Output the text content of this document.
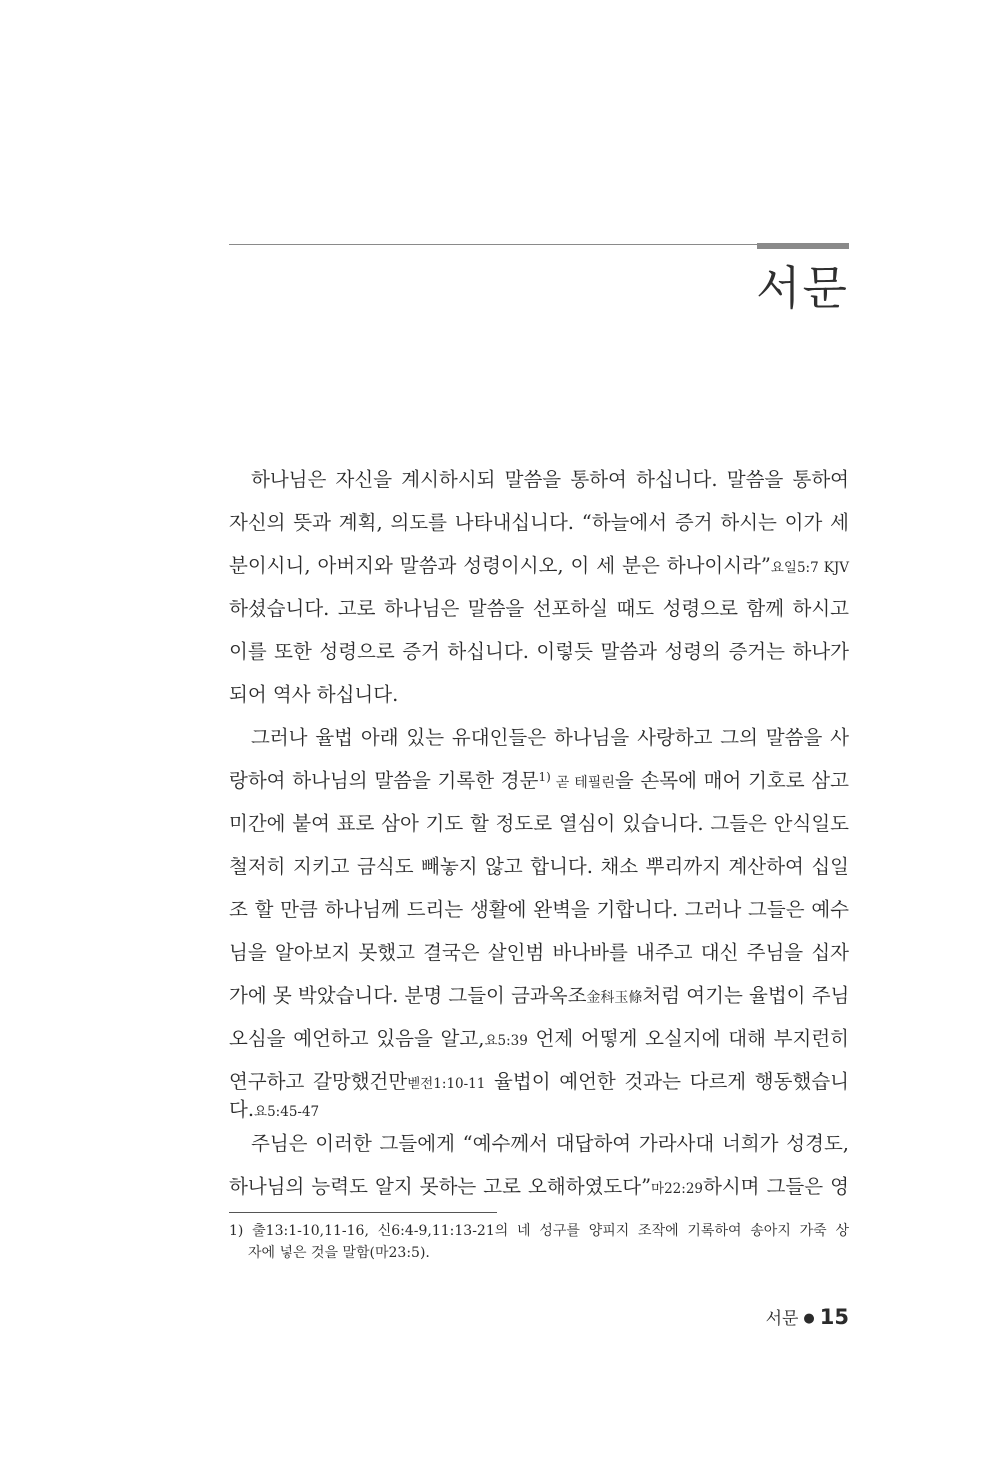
서문
하나님은 자신을 계시하시되 말씀을 통하여 하십니다. 말씀을 통하여
자신의 뜻과 계획, 의도를 나타내십니다. “하늘에서 증거 하시는 이가 세
분이시니, 아버지와 말씀과 성령이시오, 이 세 분은 하나이시라”요일5:7 KJV
하셨습니다. 고로 하나님은 말씀을 선포하실 때도 성령으로 함께 하시고
이를 또한 성령으로 증거 하십니다. 이렇듯 말씀과 성령의 증거는 하나가
되어 역사 하십니다.
그러나 율법 아래 있는 유대인들은 하나님을 사랑하고 그의 말씀을 사
랑하여 하나님의 말씀을 기록한 경문$^{1)}$ 곧 테필린을 손목에 매어 기호로 삼고
미간에 붙여 표로 삼아 기도 할 정도로 열심이 있습니다. 그들은 안식일도
철저히 지키고 금식도 빼놓지 않고 합니다. 채소 뿌리까지 계산하여 십일
조 할 만큼 하나님께 드리는 생활에 완벽을 기합니다. 그러나 그들은 예수
님을 알아보지 못했고 결국은 살인범 바나바를 내주고 대신 주님을 십자
가에 못 박았습니다. 분명 그들이 금과옥조金科玉條처럼 여기는 율법이 주님
오심을 예언하고 있음을 알고,요5:39 언제 어떻게 오실지에 대해 부지런히
연구하고 갈망했건만벧전1:10-11 율법이 예언한 것과는 다르게 행동했습니
다.요5:45-47
주님은 이러한 그들에게 “예수께서 대답하여 가라사대 너희가 성경도,
하나님의 능력도 알지 못하는 고로 오해하였도다”마22:29하시며 그들은 영
1) 출13:1-10,11-16, 신6:4-9,11:13-21의 네 성구를 양피지 조작에 기록하여 송아지 가죽 상
자에 넣은 것을 말함(마23:5).
서문 ● 15
